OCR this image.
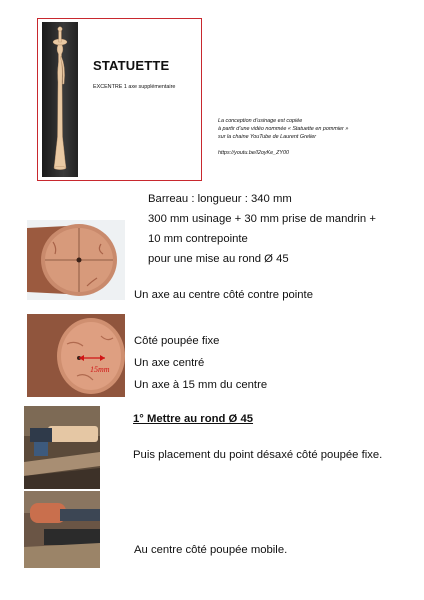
STATUETTE
EXCENTRE 1 axe supplémentaire
La conception d’usinage est copiée
à partir d’une vidéo nommée « Statuette en pommier »
sur la chaine YouTube de Laurent Grelier
https://youtu.be/I2oyKe_ZY00
Barreau : longueur : 340 mm
300 mm usinage + 30 mm prise de mandrin +
10 mm contrepointe
pour une mise au rond Ø 45
Un axe au centre côté contre pointe
15mm
Côté poupée fixe
Un axe centré
Un axe à 15 mm du centre
1° Mettre au rond Ø 45
Puis placement du point désaxé côté poupée fixe.
Au centre côté poupée mobile.
